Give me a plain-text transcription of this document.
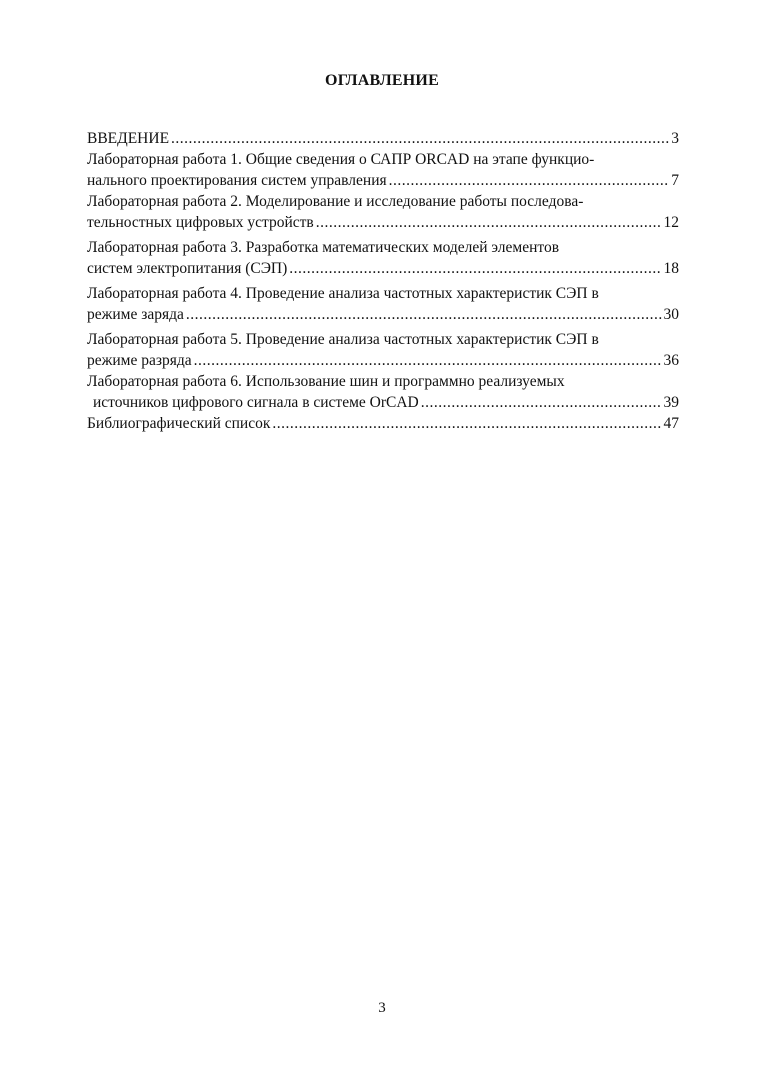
ОГЛАВЛЕНИЕ
ВВЕДЕНИЕ .....	3
Лабораторная работа 1. Общие сведения о САПР ORCAD на этапе функцио-
нального проектирования систем управления .....	7
Лабораторная работа 2. Моделирование и исследование работы последова-
тельностных цифровых устройств .....	12
Лабораторная работа 3. Разработка математических моделей элементов
систем электропитания (СЭП) .....	18
Лабораторная работа 4. Проведение анализа частотных характеристик СЭП в
режиме заряда .....	30
Лабораторная работа 5. Проведение анализа частотных характеристик СЭП в
режиме разряда .....	36
Лабораторная работа 6. Использование шин и программно реализуемых
источников цифрового сигнала в системе OrCAD .....	39
Библиографический список .....	47
3
